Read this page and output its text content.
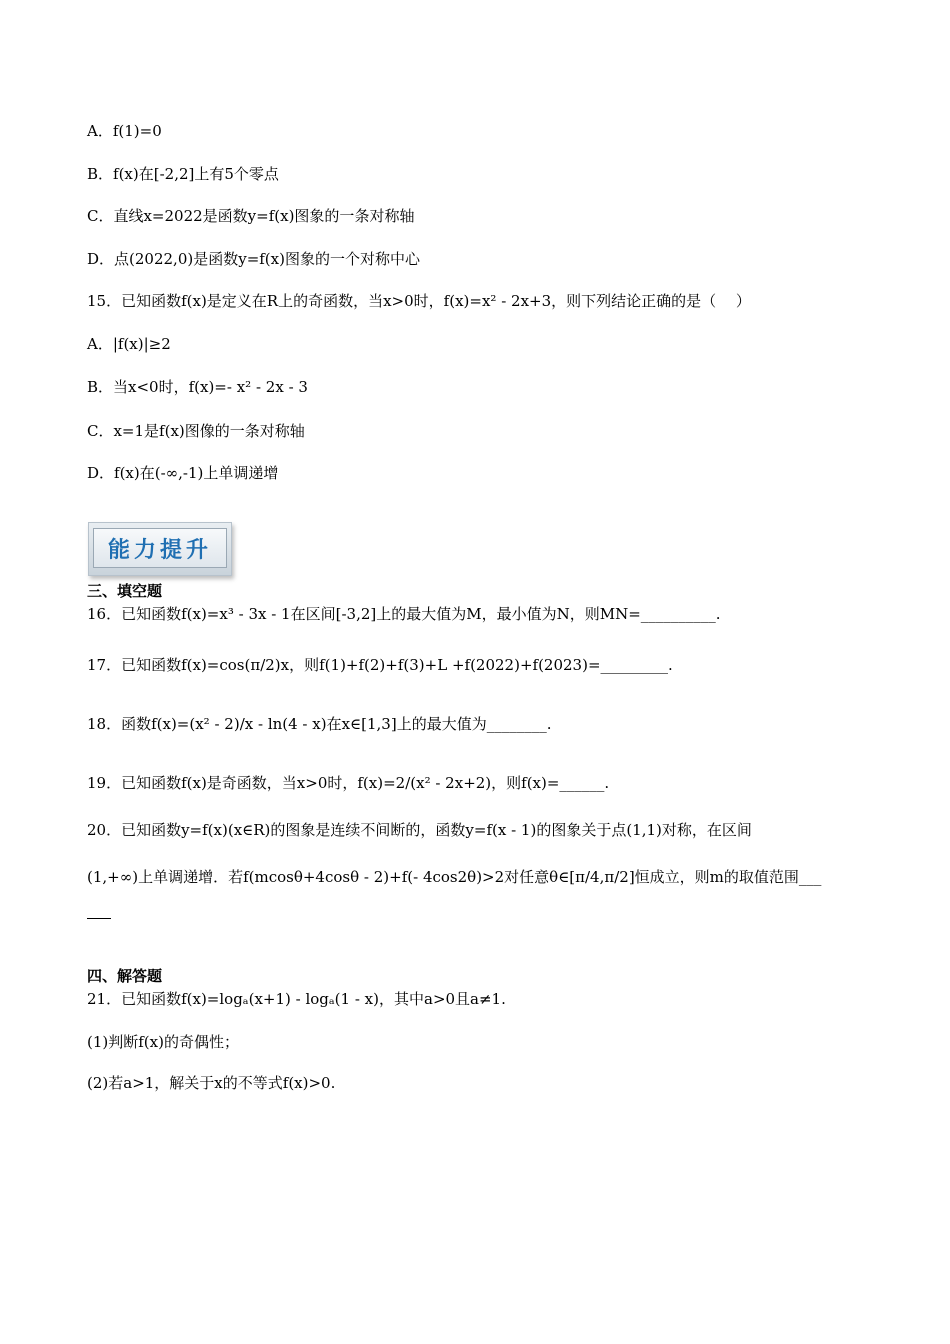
A．f(1)=0
B．f(x)在[-2,2]上有5个零点
C．直线x=2022是函数y=f(x)图象的一条对称轴
D．点(2022,0)是函数y=f(x)图象的一个对称中心
15．已知函数f(x)是定义在R上的奇函数，当x>0时，f(x)=x² - 2x+3，则下列结论正确的是（　 ）
A．|f(x)|≥2
B．当x<0时，f(x)=- x² - 2x - 3
C．x=1是f(x)图像的一条对称轴
D．f(x)在(-∞,-1)上单调递增
能力提升
三、填空题
16．已知函数f(x)=x³ - 3x - 1在区间[-3,2]上的最大值为M，最小值为N，则MN=__________.
17．已知函数f(x)=cos(π/2)x，则f(1)+f(2)+f(3)+L +f(2022)+f(2023)=_________.
18．函数f(x)=(x² - 2)/x - ln(4 - x)在x∈[1,3]上的最大值为________.
19．已知函数f(x)是奇函数，当x>0时，f(x)=2/(x² - 2x+2)，则f(x)=______.
20．已知函数y=f(x)(x∈R)的图象是连续不间断的，函数y=f(x - 1)的图象关于点(1,1)对称，在区间
(1,+∞)上单调递增．若f(mcosθ+4cosθ - 2)+f(- 4cos2θ)>2对任意θ∈[π/4,π/2]恒成立，则m的取值范围___
四、解答题
21．已知函数f(x)=logₐ(x+1) - logₐ(1 - x)，其中a>0且a≠1.
(1)判断f(x)的奇偶性；
(2)若a>1，解关于x的不等式f(x)>0.
